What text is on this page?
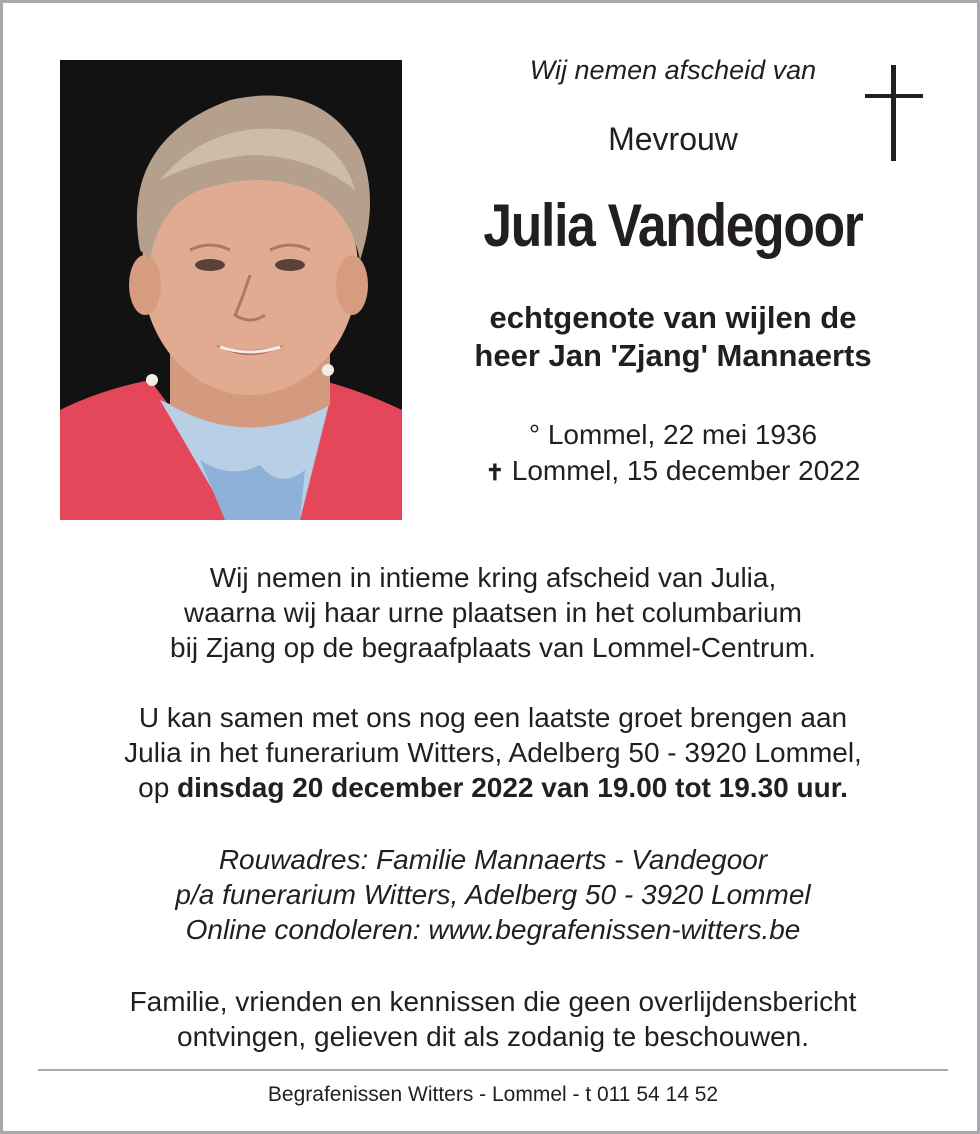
Wij nemen afscheid van
Mevrouw
Julia Vandegoor
echtgenote van wijlen de
heer Jan 'Zjang' Mannaerts
° Lommel, 22 mei 1936
✝ Lommel, 15 december 2022
Wij nemen in intieme kring afscheid van Julia,
waarna wij haar urne plaatsen in het columbarium
bij Zjang op de begraafplaats van Lommel-Centrum.
U kan samen met ons nog een laatste groet brengen aan
Julia in het funerarium Witters, Adelberg 50 - 3920 Lommel,
op dinsdag 20 december 2022 van 19.00 tot 19.30 uur.
Rouwadres: Familie Mannaerts - Vandegoor
p/a funerarium Witters, Adelberg 50 - 3920 Lommel
Online condoleren: www.begrafenissen-witters.be
Familie, vrienden en kennissen die geen overlijdensbericht
ontvingen, gelieven dit als zodanig te beschouwen.
Begrafenissen Witters - Lommel - t 011 54 14 52
